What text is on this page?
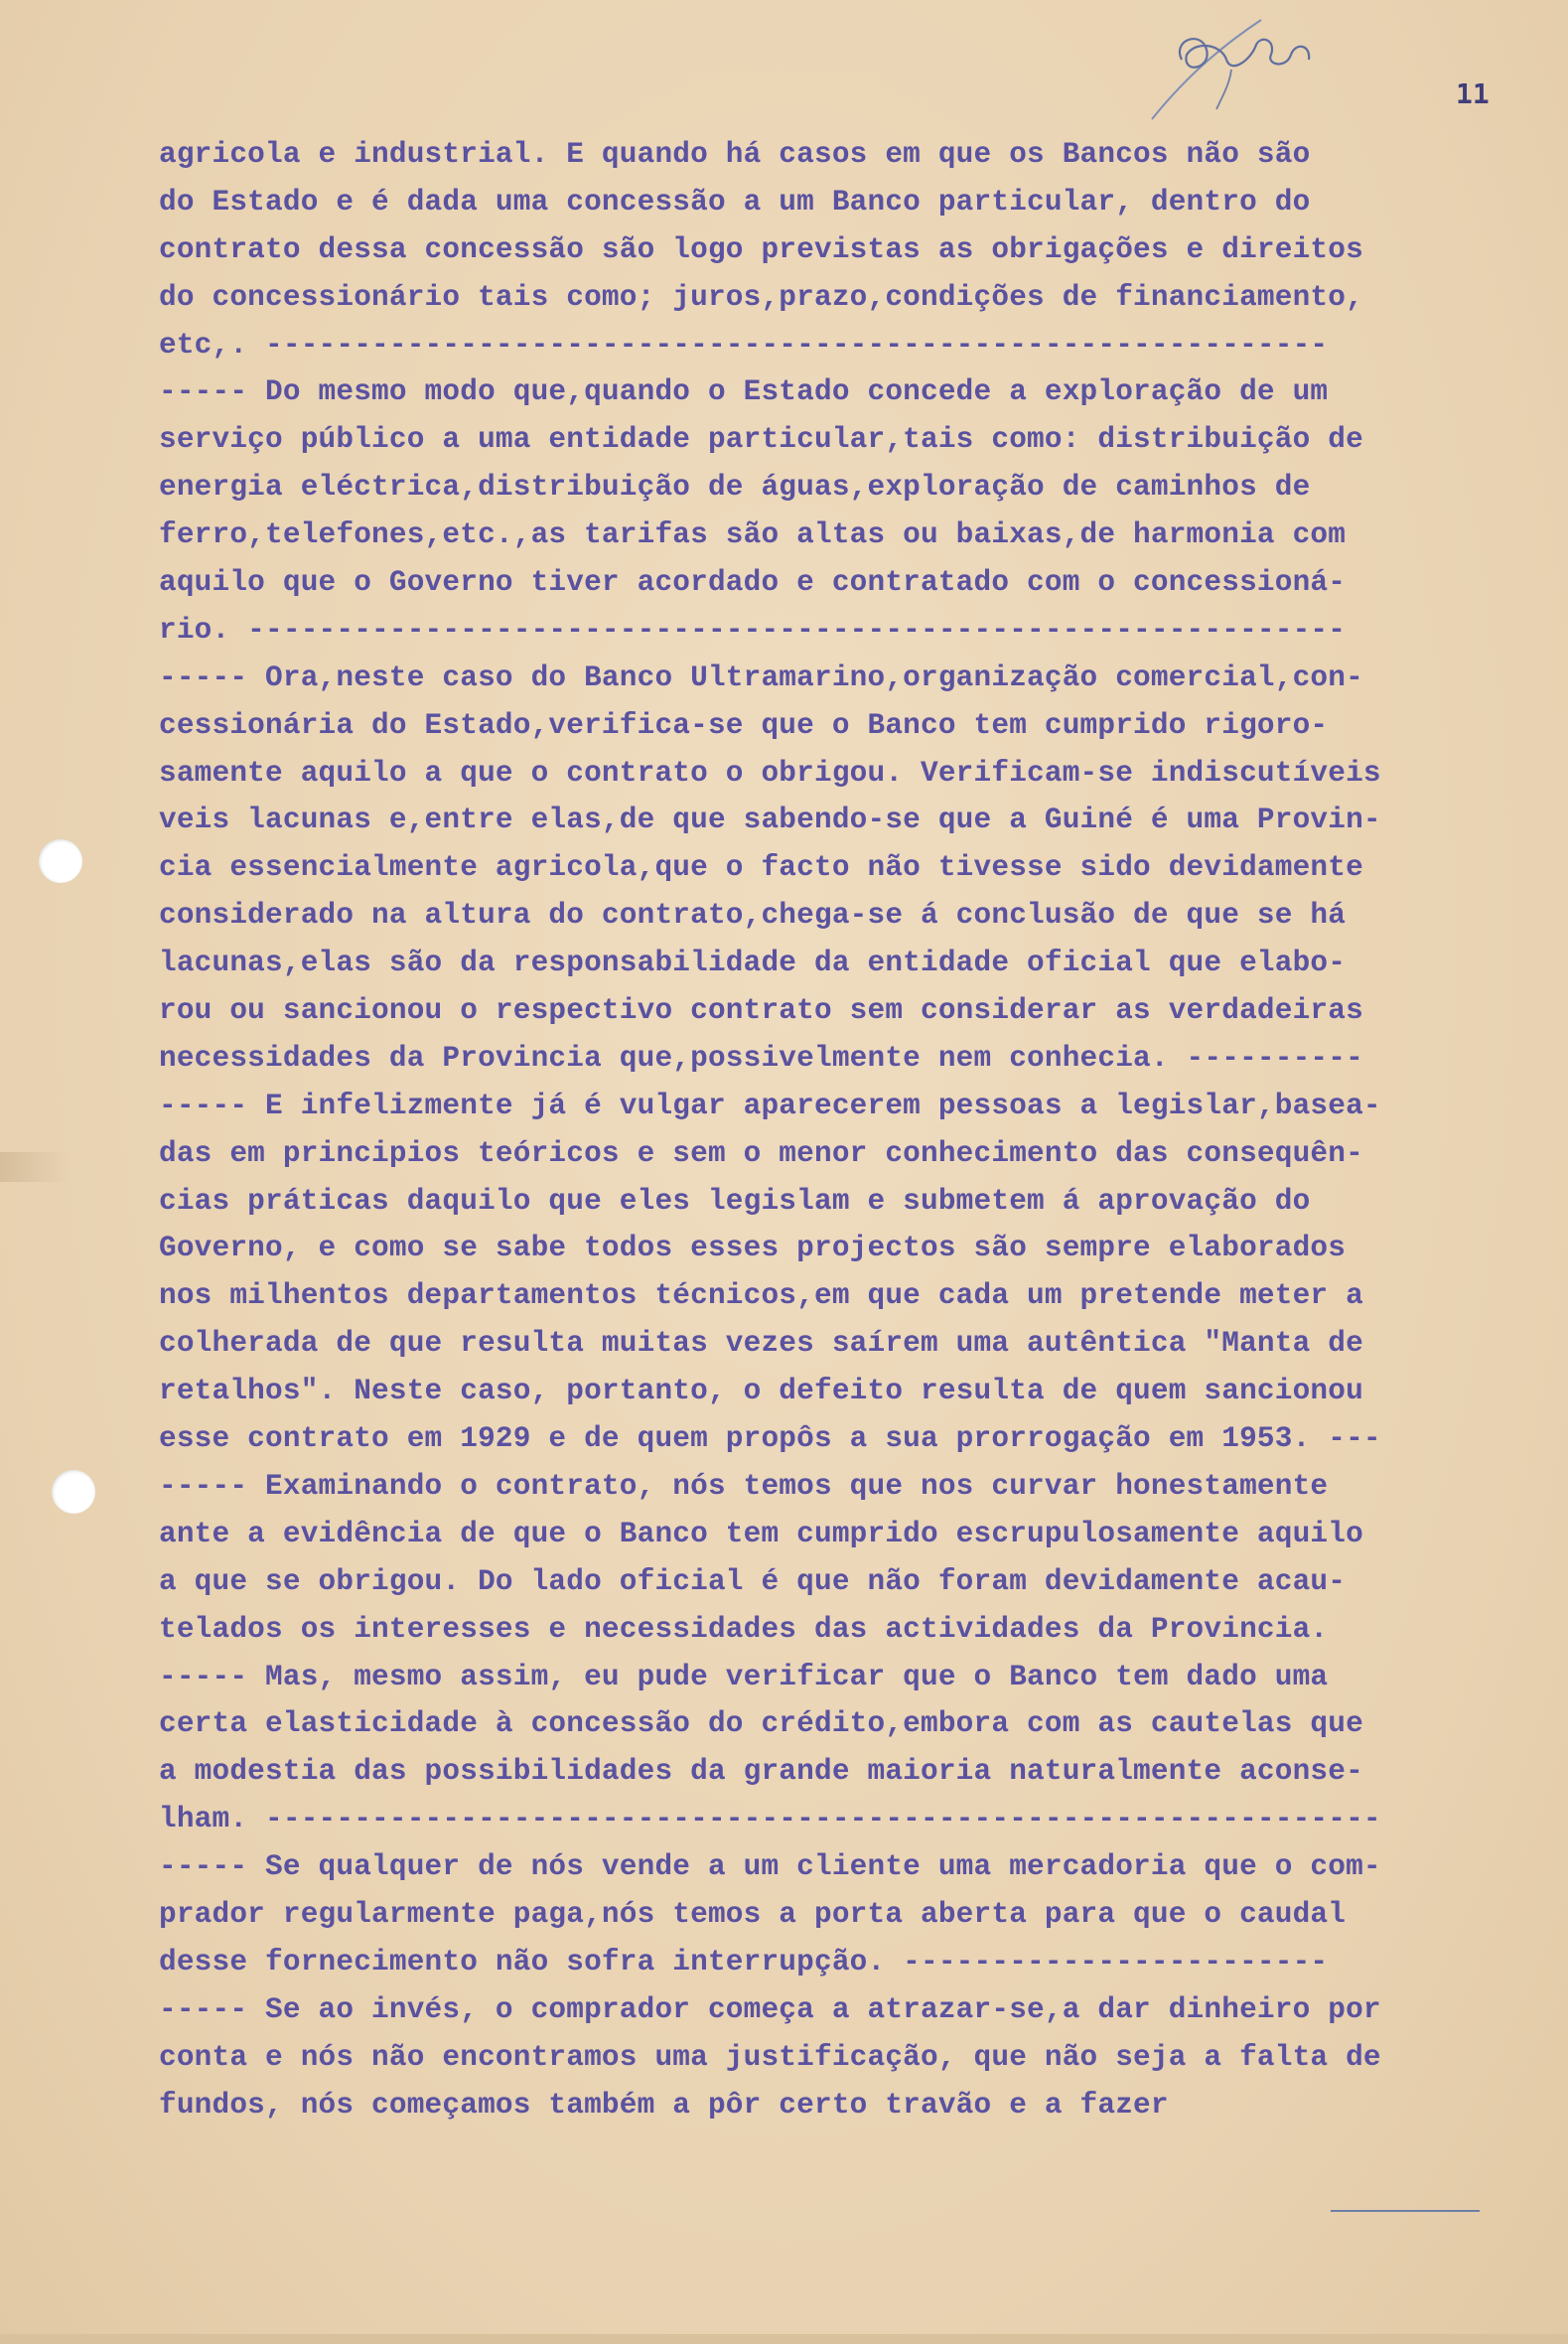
11
agricola e industrial. E quando há casos em que os Bancos não são
do Estado e é dada uma concessão a um Banco particular, dentro do
contrato dessa concessão são logo previstas as obrigações e direitos
do concessionário tais como; juros,prazo,condições de financiamento,
etc,. ------------------------------------------------------------
----- Do mesmo modo que,quando o Estado concede a exploração de um
serviço público a uma entidade particular,tais como: distribuição de
energia eléctrica,distribuição de águas,exploração de caminhos de
ferro,telefones,etc.,as tarifas são altas ou baixas,de harmonia com
aquilo que o Governo tiver acordado e contratado com o concessioná-
rio. --------------------------------------------------------------
----- Ora,neste caso do Banco Ultramarino,organização comercial,con-
cessionária do Estado,verifica-se que o Banco tem cumprido rigoro-
samente aquilo a que o contrato o obrigou. Verificam-se indiscutíveis
veis lacunas e,entre elas,de que sabendo-se que a Guiné é uma Provin-
cia essencialmente agricola,que o facto não tivesse sido devidamente
considerado na altura do contrato,chega-se á conclusão de que se há
lacunas,elas são da responsabilidade da entidade oficial que elabo-
rou ou sancionou o respectivo contrato sem considerar as verdadeiras
necessidades da Provincia que,possivelmente nem conhecia. ----------
----- E infelizmente já é vulgar aparecerem pessoas a legislar,basea-
das em principios teóricos e sem o menor conhecimento das consequên-
cias práticas daquilo que eles legislam e submetem á aprovação do
Governo, e como se sabe todos esses projectos são sempre elaborados
nos milhentos departamentos técnicos,em que cada um pretende meter a
colherada de que resulta muitas vezes saírem uma autêntica "Manta de
retalhos". Neste caso, portanto, o defeito resulta de quem sancionou
esse contrato em 1929 e de quem propôs a sua prorrogação em 1953. ---
----- Examinando o contrato, nós temos que nos curvar honestamente
ante a evidência de que o Banco tem cumprido escrupulosamente aquilo
a que se obrigou. Do lado oficial é que não foram devidamente acau-
telados os interesses e necessidades das actividades da Provincia.
----- Mas, mesmo assim, eu pude verificar que o Banco tem dado uma
certa elasticidade à concessão do crédito,embora com as cautelas que
a modestia das possibilidades da grande maioria naturalmente aconse-
lham. ---------------------------------------------------------------
----- Se qualquer de nós vende a um cliente uma mercadoria que o com-
prador regularmente paga,nós temos a porta aberta para que o caudal
desse fornecimento não sofra interrupção. ------------------------
----- Se ao invés, o comprador começa a atrazar-se,a dar dinheiro por
conta e nós não encontramos uma justificação, que não seja a falta de
fundos, nós começamos também a pôr certo travão e a fazer
